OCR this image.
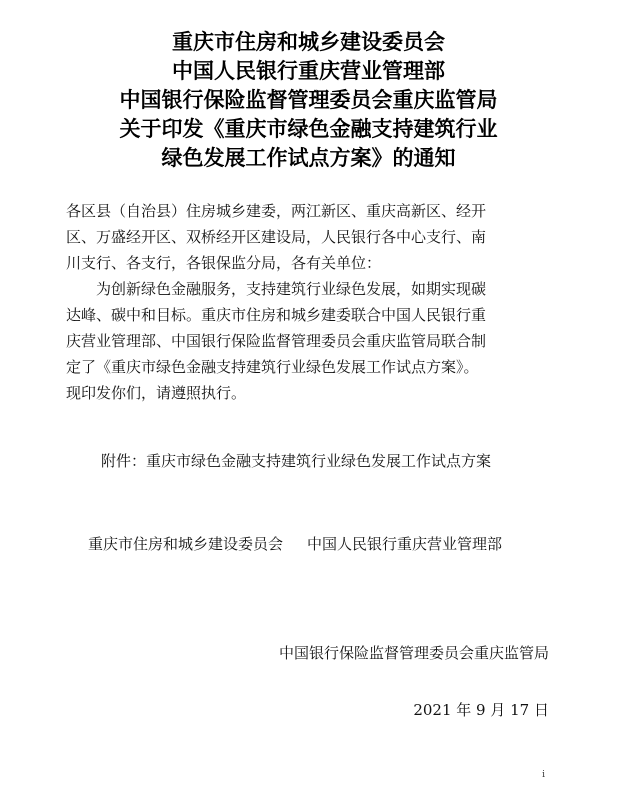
重庆市住房和城乡建设委员会
中国人民银行重庆营业管理部
中国银行保险监督管理委员会重庆监管局
关于印发《重庆市绿色金融支持建筑行业
绿色发展工作试点方案》的通知
各区县（自治县）住房城乡建委，两江新区、重庆高新区、经开
区、万盛经开区、双桥经开区建设局，人民银行各中心支行、南
川支行、各支行，各银保监分局，各有关单位：
为创新绿色金融服务，支持建筑行业绿色发展，如期实现碳
达峰、碳中和目标。重庆市住房和城乡建委联合中国人民银行重
庆营业管理部、中国银行保险监督管理委员会重庆监管局联合制
定了《重庆市绿色金融支持建筑行业绿色发展工作试点方案》。
现印发你们，请遵照执行。
附件：重庆市绿色金融支持建筑行业绿色发展工作试点方案
重庆市住房和城乡建设委员会 中国人民银行重庆营业管理部
中国银行保险监督管理委员会重庆监管局
2021 年 9 月 17 日
i
